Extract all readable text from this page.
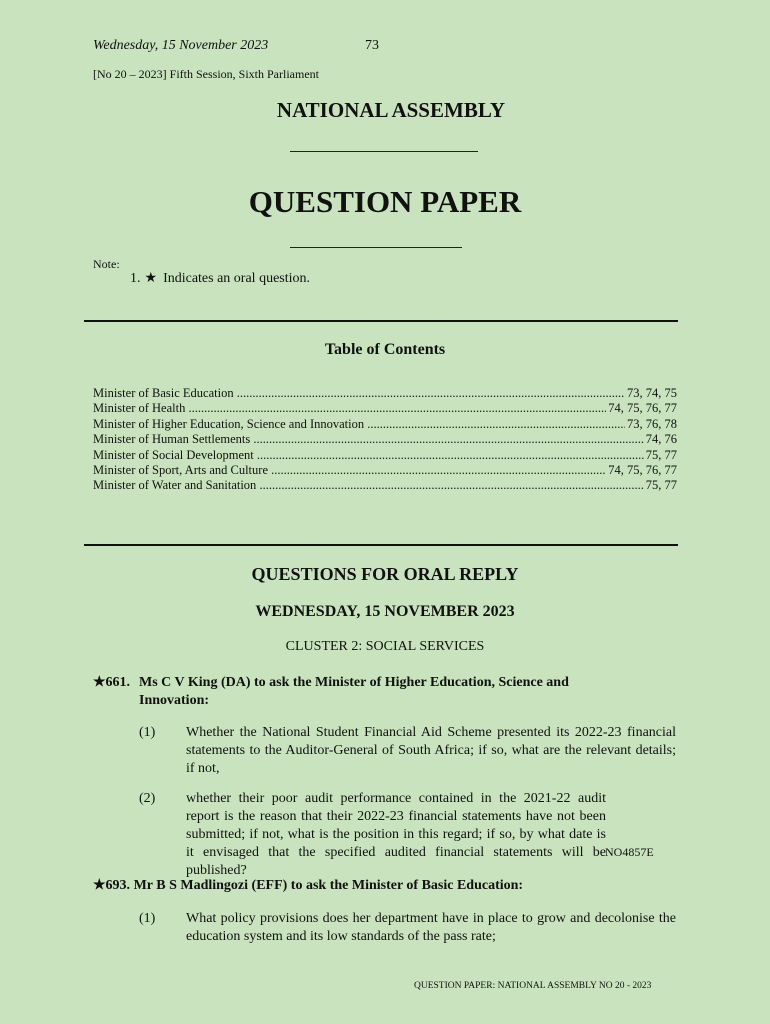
Wednesday, 15 November 2023	73
[No 20 – 2023] Fifth Session, Sixth Parliament
NATIONAL ASSEMBLY
QUESTION PAPER
Note:
1. ★ Indicates an oral question.
Table of Contents
Minister of Basic Education .....	73, 74, 75
Minister of Health .....	74, 75, 76, 77
Minister of Higher Education, Science and Innovation .....	73, 76, 78
Minister of Human Settlements .....	74, 76
Minister of Social Development .....	75, 77
Minister of Sport, Arts and Culture .....	74, 75, 76, 77
Minister of Water and Sanitation .....	75, 77
QUESTIONS FOR ORAL REPLY
WEDNESDAY, 15 NOVEMBER 2023
CLUSTER 2: SOCIAL SERVICES
★661. Ms C V King (DA) to ask the Minister of Higher Education, Science and
Innovation:
(1)	Whether the National Student Financial Aid Scheme presented its 2022-23 financial statements to the Auditor-General of South Africa; if so, what are the relevant details; if not,
(2)	whether their poor audit performance contained in the 2021-22 audit report is the reason that their 2022-23 financial statements have not been submitted; if not, what is the position in this regard; if so, by what date is it envisaged that the specified audited financial statements will be published?
NO4857E
★693. Mr B S Madlingozi (EFF) to ask the Minister of Basic Education:
(1)	What policy provisions does her department have in place to grow and decolonise the education system and its low standards of the pass rate;
QUESTION PAPER: NATIONAL ASSEMBLY NO 20 - 2023
